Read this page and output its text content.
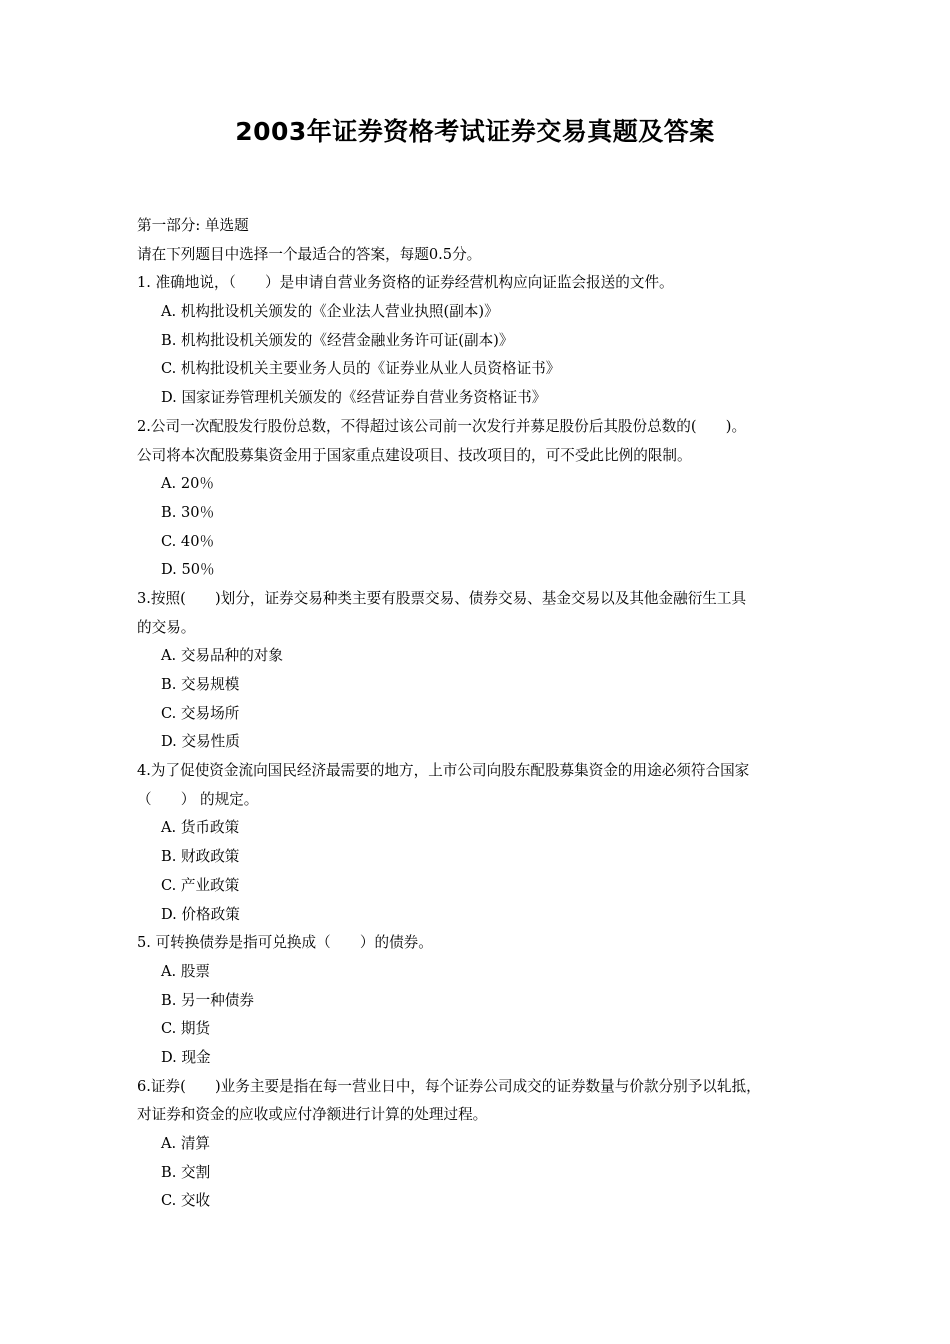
2003年证券资格考试证券交易真题及答案
第一部分: 单选题
请在下列题目中选择一个最适合的答案，每题0.5分。
1. 准确地说，（　　）是申请自营业务资格的证券经营机构应向证监会报送的文件。
A. 机构批设机关颁发的《企业法人营业执照(副本)》
B. 机构批设机关颁发的《经营金融业务许可证(副本)》
C. 机构批设机关主要业务人员的《证券业从业人员资格证书》
D. 国家证券管理机关颁发的《经营证券自营业务资格证书》
2.公司一次配股发行股份总数，不得超过该公司前一次发行并募足股份后其股份总数的(　　)。
公司将本次配股募集资金用于国家重点建设项目、技改项目的，可不受此比例的限制。
A. 20％
B. 30％
C. 40％
D. 50％
3.按照(　　)划分，证券交易种类主要有股票交易、债券交易、基金交易以及其他金融衍生工具
的交易。
A. 交易品种的对象
B. 交易规模
C. 交易场所
D. 交易性质
4.为了促使资金流向国民经济最需要的地方，上市公司向股东配股募集资金的用途必须符合国家
（　　） 的规定。
A. 货币政策
B. 财政政策
C. 产业政策
D. 价格政策
5. 可转换债券是指可兑换成（　　）的债券。
A. 股票
B. 另一种债券
C. 期货
D. 现金
6.证券(　　)业务主要是指在每一营业日中，每个证券公司成交的证券数量与价款分别予以轧抵，
对证券和资金的应收或应付净额进行计算的处理过程。
A. 清算
B. 交割
C. 交收
